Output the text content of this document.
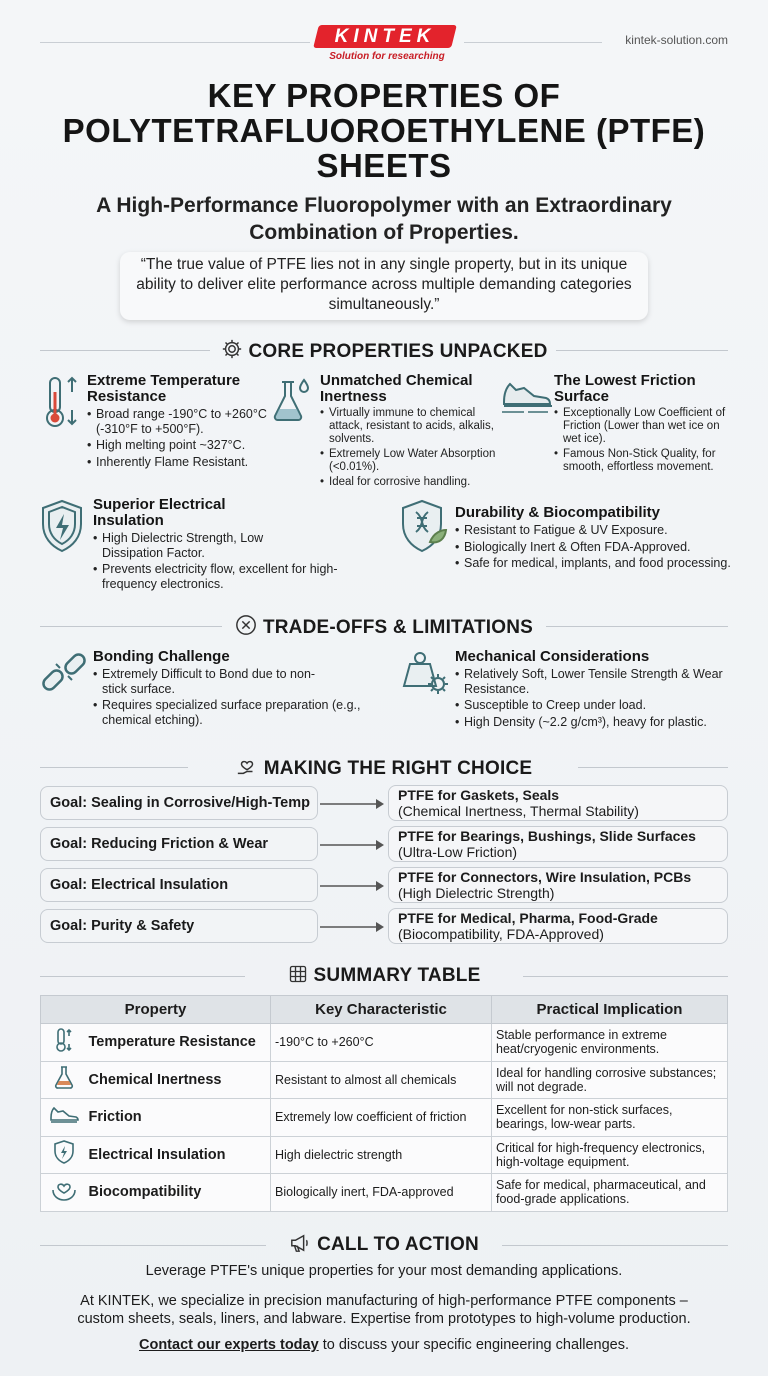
KINTEK
Solution for researching
kintek-solution.com
KEY PROPERTIES OF POLYTETRAFLUOROETHYLENE (PTFE) SHEETS
A High-Performance Fluoropolymer with an Extraordinary Combination of Properties.
“The true value of PTFE lies not in any single property, but in its unique ability to deliver elite performance across multiple demanding categories simultaneously.”
CORE PROPERTIES UNPACKED
Extreme Temperature Resistance
• Broad range -190°C to +260°C (-310°F to +500°F).
• High melting point ~327°C.
• Inherently Flame Resistant.
Unmatched Chemical Inertness
• Virtually immune to chemical attack, resistant to acids, alkalis, solvents.
• Extremely Low Water Absorption (<0.01%).
• Ideal for corrosive handling.
The Lowest Friction Surface
• Exceptionally Low Coefficient of Friction (Lower than wet ice on wet ice).
• Famous Non-Stick Quality, for smooth, effortless movement.
Superior Electrical Insulation
• High Dielectric Strength, Low Dissipation Factor.
• Prevents electricity flow, excellent for high-frequency electronics.
Durability & Biocompatibility
• Resistant to Fatigue & UV Exposure.
• Biologically Inert & Often FDA-Approved.
• Safe for medical, implants, and food processing.
TRADE-OFFS & LIMITATIONS
Bonding Challenge
• Extremely Difficult to Bond due to non-stick surface.
• Requires specialized surface preparation (e.g., chemical etching).
Mechanical Considerations
• Relatively Soft, Lower Tensile Strength & Wear Resistance.
• Susceptible to Creep under load.
• High Density (~2.2 g/cm³), heavy for plastic.
MAKING THE RIGHT CHOICE
Goal: Sealing in Corrosive/High-Temp	PTFE for Gaskets, Seals
(Chemical Inertness, Thermal Stability)
Goal: Reducing Friction & Wear	PTFE for Bearings, Bushings, Slide Surfaces
(Ultra-Low Friction)
Goal: Electrical Insulation	PTFE for Connectors, Wire Insulation, PCBs
(High Dielectric Strength)
Goal: Purity & Safety	PTFE for Medical, Pharma, Food-Grade
(Biocompatibility, FDA-Approved)
SUMMARY TABLE
Property		Key Characteristic	Practical Implication
	Temperature Resistance	-190°C to +260°C	Stable performance in extreme heat/cryogenic environments.
	Chemical Inertness	Resistant to almost all chemicals	Ideal for handling corrosive substances; will not degrade.
	Friction	Extremely low coefficient of friction	Excellent for non-stick surfaces, bearings, low-wear parts.
	Electrical Insulation	High dielectric strength	Critical for high-frequency electronics, high-voltage equipment.
	Biocompatibility	Biologically inert, FDA-approved	Safe for medical, pharmaceutical, and food-grade applications.
CALL TO ACTION
Leverage PTFE's unique properties for your most demanding applications.
At KINTEK, we specialize in precision manufacturing of high-performance PTFE components – custom sheets, seals, liners, and labware. Expertise from prototypes to high-volume production.
Contact our experts today to discuss your specific engineering challenges.
